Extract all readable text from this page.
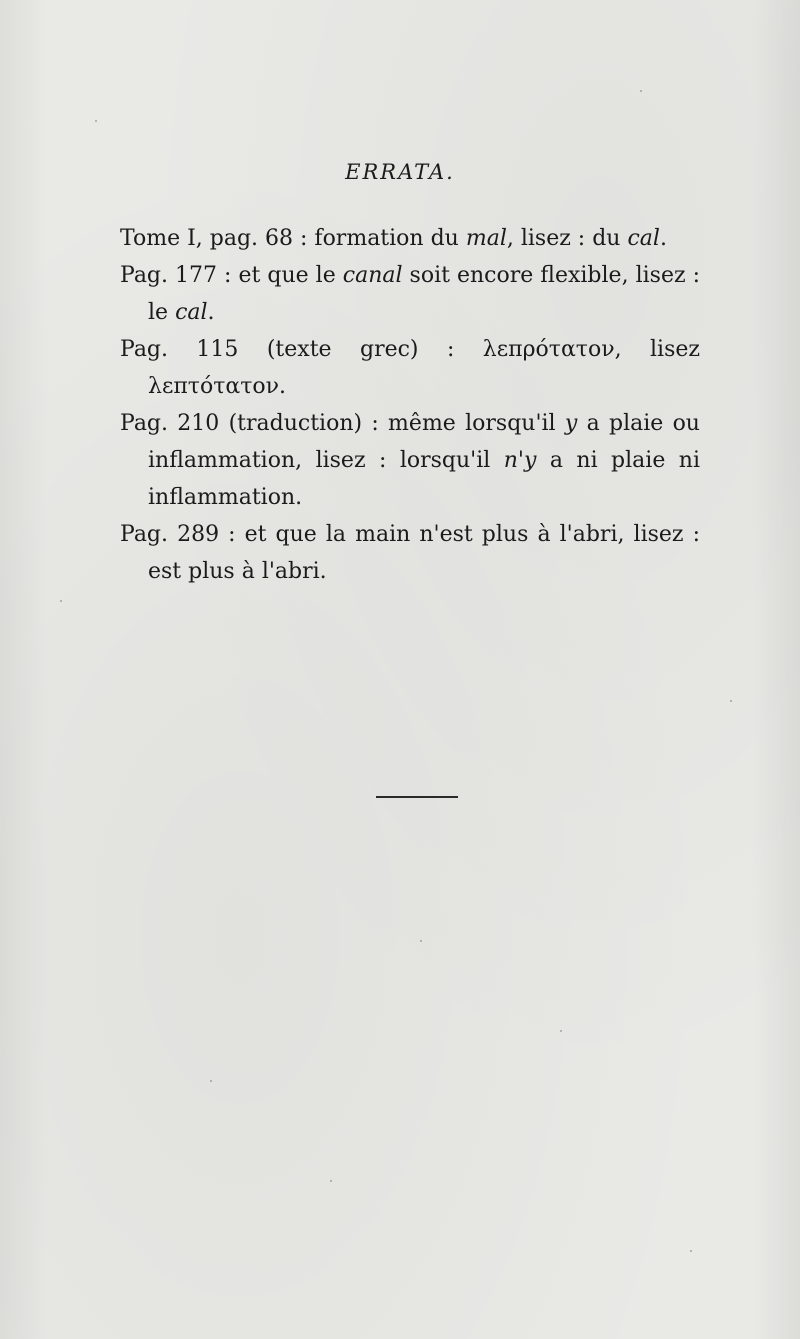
ERRATA.

Tome I, pag. 68 : formation du mal, lisez : du cal.

Pag. 177 : et que le canal soit encore flexible, lisez : le cal.

Pag. 115 (texte grec) : λεπρότατον, lisez λεπτότατον.

Pag. 210 (traduction) : même lorsqu'il y a plaie ou inflammation, lisez : lorsqu'il n'y a ni plaie ni inflammation.

Pag. 289 : et que la main n'est plus à l'abri, lisez : est plus à l'abri.
